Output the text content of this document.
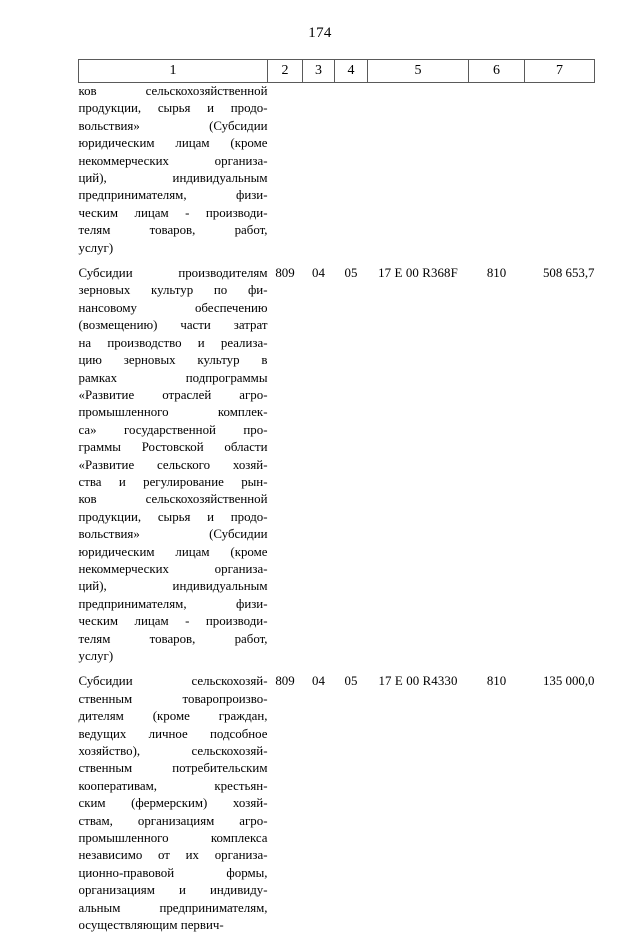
174
1	2	3	4	5	6	7

ков сельскохозяйственной
продукции, сырья и продо-
вольствия» (Субсидии
юридическим лицам (кроме
некоммерческих организа-
ций), индивидуальным
предпринимателям, физи-
ческим лицам - производи-
телям товаров, работ,
услуг)

Субсидии производителям
зерновых культур по фи-
нансовому обеспечению
(возмещению) части затрат
на производство и реализа-
цию зерновых культур в
рамках подпрограммы
«Развитие отраслей агро-
промышленного комплек-
са» государственной про-
граммы Ростовской области
«Развитие сельского хозяй-
ства и регулирование рын-
ков сельскохозяйственной
продукции, сырья и продо-
вольствия» (Субсидии
юридическим лицам (кроме
некоммерческих организа-
ций), индивидуальным
предпринимателям, физи-
ческим лицам - производи-
телям товаров, работ,
услуг)
	809	04	05	17 Е 00 R368F	810	508 653,7

Субсидии сельскохозяй-
ственным товаропроизво-
дителям (кроме граждан,
ведущих личное подсобное
хозяйство), сельскохозяй-
ственным потребительским
кооперативам, крестьян-
ским (фермерским) хозяй-
ствам, организациям агро-
промышленного комплекса
независимо от их организа-
ционно-правовой формы,
организациям и индивиду-
альным предпринимателям,
осуществляющим первич-
	809	04	05	17 Е 00 R4330	810	135 000,0
